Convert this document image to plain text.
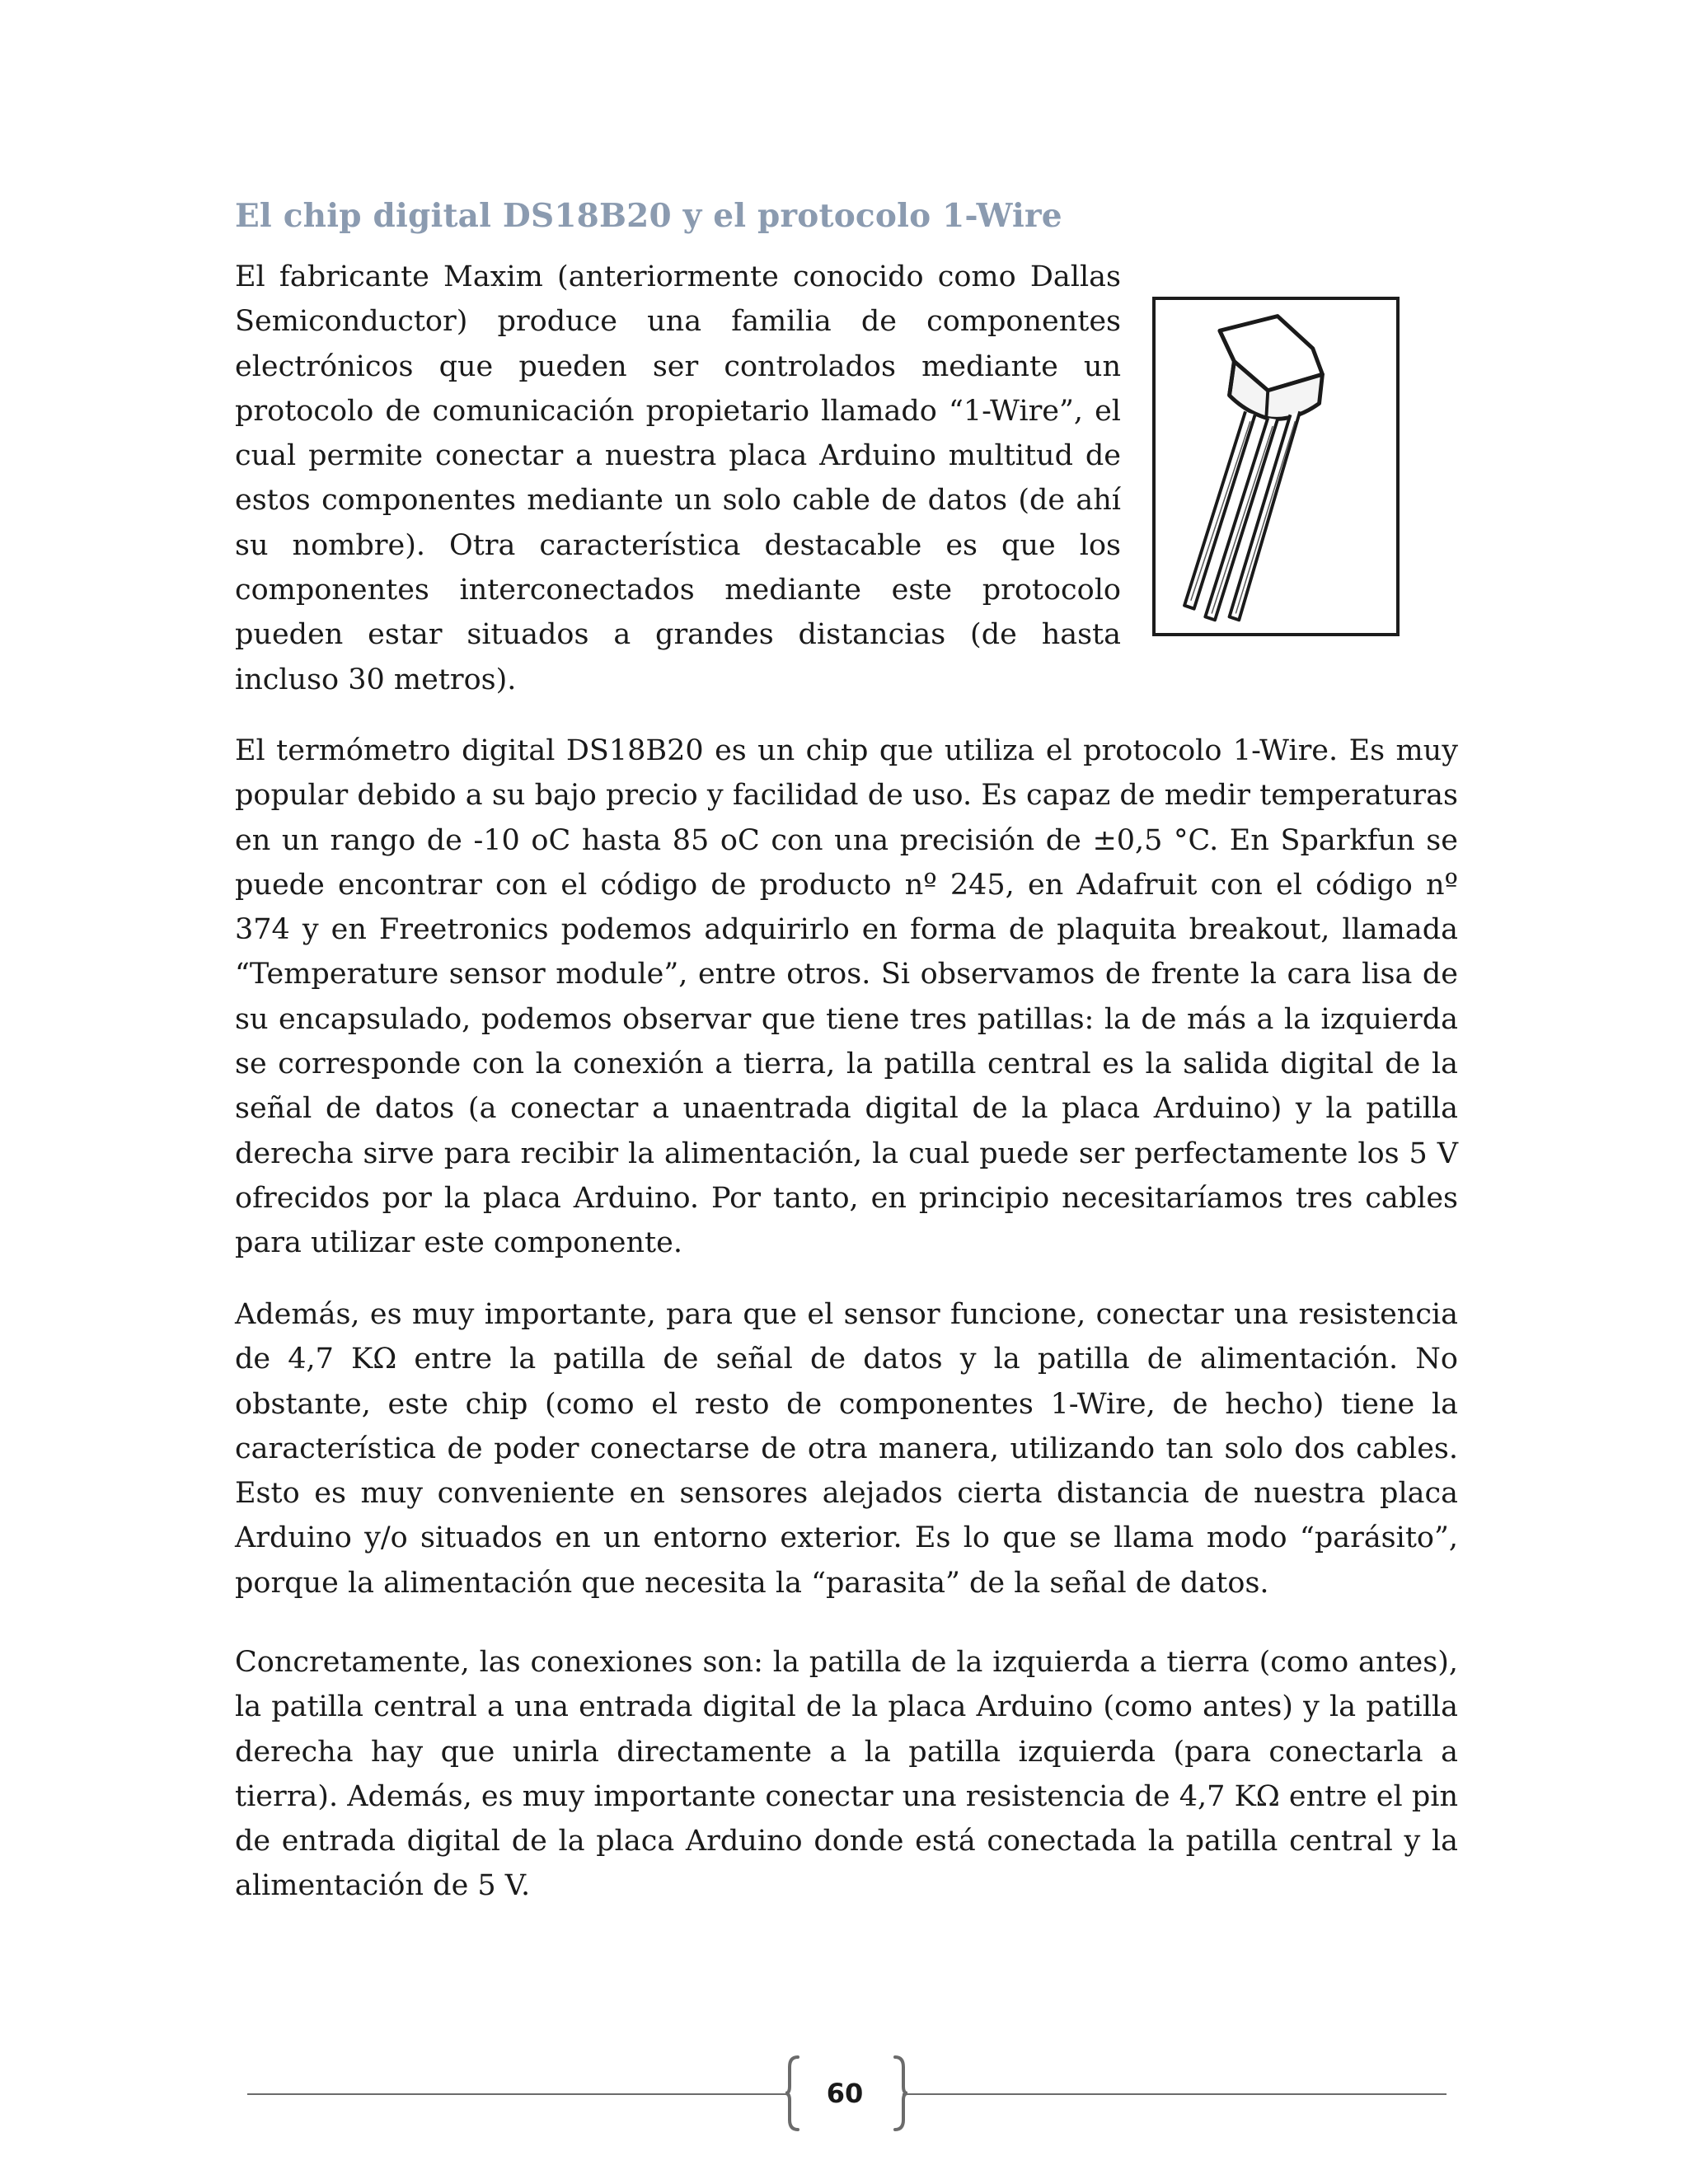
El chip digital DS18B20 y el protocolo 1-Wire

El fabricante Maxim (anteriormente conocido como Dallas Semiconductor) produce una familia de componentes electrónicos que pueden ser controlados mediante un protocolo de comunicación propietario llamado “1-Wire”, el cual permite conectar a nuestra placa Arduino multitud de estos componentes mediante un solo cable de datos (de ahí su nombre). Otra característica destacable es que los componentes interconectados mediante este protocolo pueden estar situados a grandes distancias (de hasta incluso 30 metros).

El termómetro digital DS18B20 es un chip que utiliza el protocolo 1-Wire. Es muy popular debido a su bajo precio y facilidad de uso. Es capaz de medir temperaturas en un rango de -10 oC hasta 85 oC con una precisión de ±0,5 °C. En Sparkfun se puede encontrar con el código de producto nº 245, en Adafruit con el código nº 374 y en Freetronics podemos adquirirlo en forma de plaquita breakout, llamada “Temperature sensor module”, entre otros. Si observamos de frente la cara lisa de su encapsulado, podemos observar que tiene tres patillas: la de más a la izquierda se corresponde con la conexión a tierra, la patilla central es la salida digital de la señal de datos (a conectar a unaentrada digital de la placa Arduino) y la patilla derecha sirve para recibir la alimentación, la cual puede ser perfectamente los 5 V ofrecidos por la placa Arduino. Por tanto, en principio necesitaríamos tres cables para utilizar este componente.

Además, es muy importante, para que el sensor funcione, conectar una resistencia de 4,7 KΩ entre la patilla de señal de datos y la patilla de alimentación. No obstante, este chip (como el resto de componentes 1-Wire, de hecho) tiene la característica de poder conectarse de otra manera, utilizando tan solo dos cables. Esto es muy conveniente en sensores alejados cierta distancia de nuestra placa Arduino y/o situados en un entorno exterior. Es lo que se llama modo “parásito”, porque la alimentación que necesita la “parasita” de la señal de datos.

Concretamente, las conexiones son: la patilla de la izquierda a tierra (como antes), la patilla central a una entrada digital de la placa Arduino (como antes) y la patilla derecha hay que unirla directamente a la patilla izquierda (para conectarla a tierra). Además, es muy importante conectar una resistencia de 4,7 KΩ entre el pin de entrada digital de la placa Arduino donde está conectada la patilla central y la alimentación de 5 V.

60
